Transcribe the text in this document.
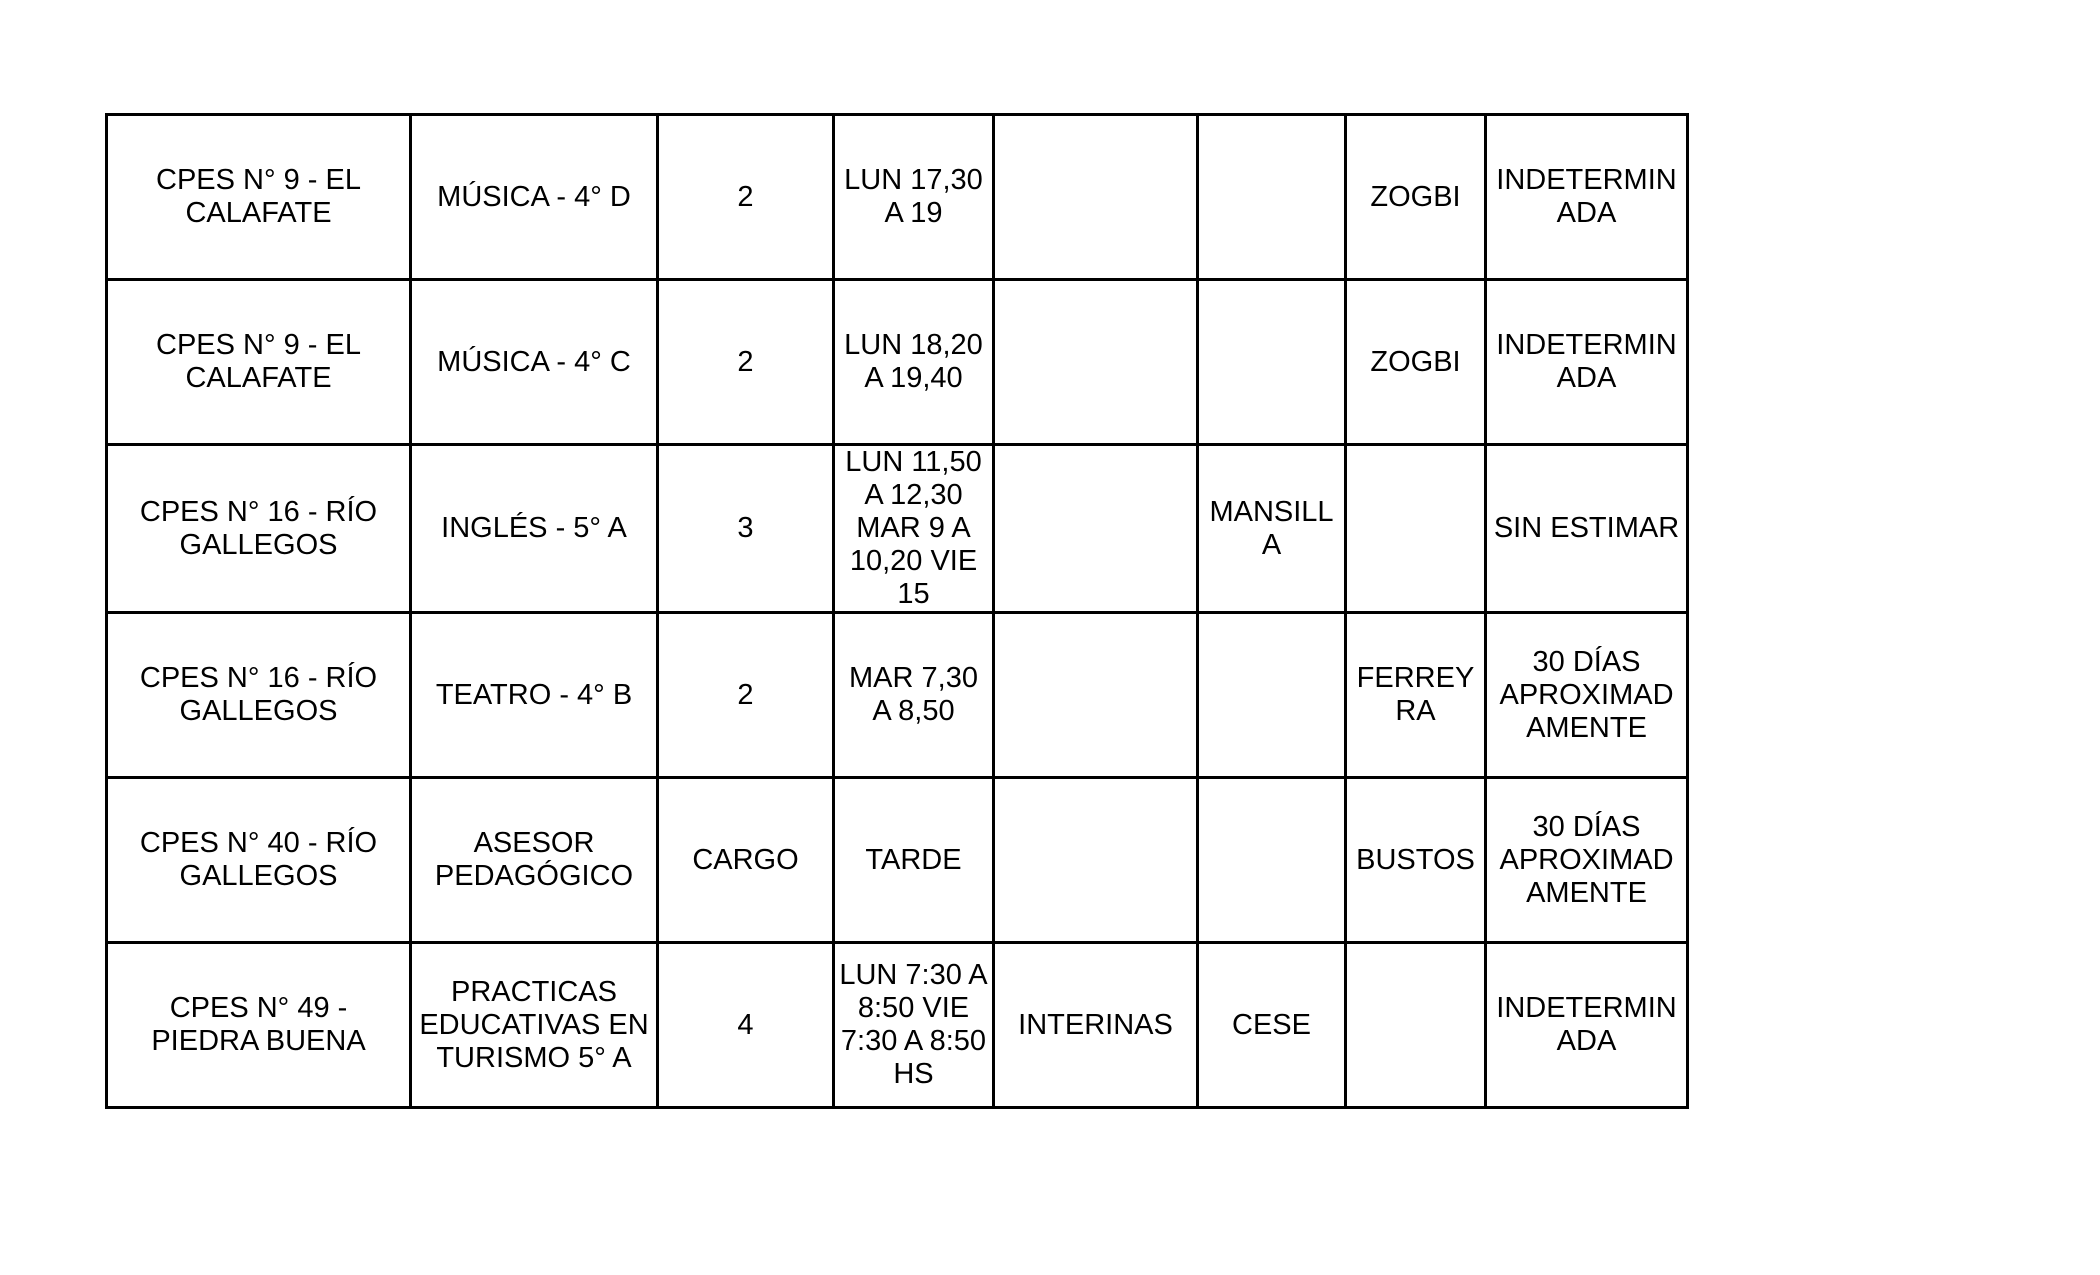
CPES N° 9 - EL CALAFATE	MÚSICA - 4° D	2	LUN 17,30 A 19			ZOGBI	INDETERMINADA

CPES N° 9 - EL CALAFATE	MÚSICA - 4° C	2	LUN 18,20 A 19,40			ZOGBI	INDETERMINADA

CPES N° 16 - RÍO GALLEGOS	INGLÉS - 5° A	3	LUN 11,50 A 12,30 MAR 9 A 10,20 VIE 15		MANSILLA		SIN ESTIMAR

CPES N° 16 - RÍO GALLEGOS	TEATRO - 4° B	2	MAR 7,30 A 8,50			FERREYRA	30 DÍAS APROXIMADAMENTE

CPES N° 40 - RÍO GALLEGOS	ASESOR PEDAGÓGICO	CARGO	TARDE			BUSTOS	30 DÍAS APROXIMADAMENTE

CPES N° 49 - PIEDRA BUENA	PRACTICAS EDUCATIVAS EN TURISMO 5° A	4	LUN 7:30 A 8:50 VIE 7:30 A 8:50 HS	INTERINAS	CESE		INDETERMINADA
